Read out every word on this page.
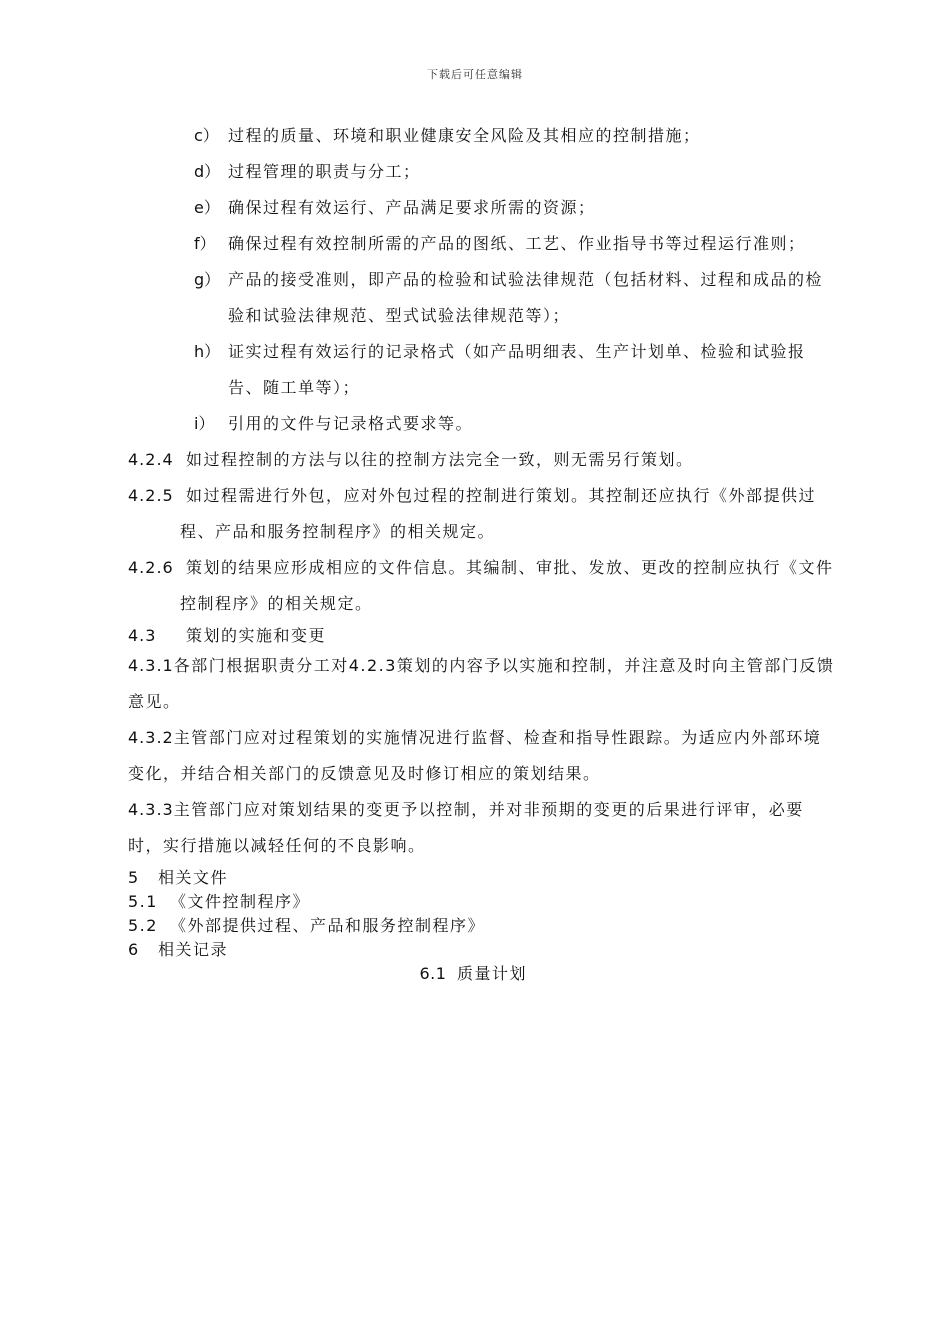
下载后可任意编辑
c） 过程的质量、环境和职业健康安全风险及其相应的控制措施；
d） 过程管理的职责与分工；
e） 确保过程有效运行、产品满足要求所需的资源；
f） 确保过程有效控制所需的产品的图纸、工艺、作业指导书等过程运行准则；
g） 产品的接受准则，即产品的检验和试验法律规范（包括材料、过程和成品的检验和试验法律规范、型式试验法律规范等）；
h） 证实过程有效运行的记录格式（如产品明细表、生产计划单、检验和试验报告、随工单等）；
i） 引用的文件与记录格式要求等。
4.2.4 如过程控制的方法与以往的控制方法完全一致，则无需另行策划。
4.2.5 如过程需进行外包，应对外包过程的控制进行策划。其控制还应执行《外部提供过程、产品和服务控制程序》的相关规定。
4.2.6 策划的结果应形成相应的文件信息。其编制、审批、发放、更改的控制应执行《文件控制程序》的相关规定。
4.3 策划的实施和变更
4.3.1各部门根据职责分工对4.2.3策划的内容予以实施和控制，并注意及时向主管部门反馈意见。
4.3.2主管部门应对过程策划的实施情况进行监督、检查和指导性跟踪。为适应内外部环境变化，并结合相关部门的反馈意见及时修订相应的策划结果。
4.3.3主管部门应对策划结果的变更予以控制，并对非预期的变更的后果进行评审，必要时，实行措施以减轻任何的不良影响。
5 相关文件
5.1 《文件控制程序》
5.2 《外部提供过程、产品和服务控制程序》
6 相关记录
6.1 质量计划
